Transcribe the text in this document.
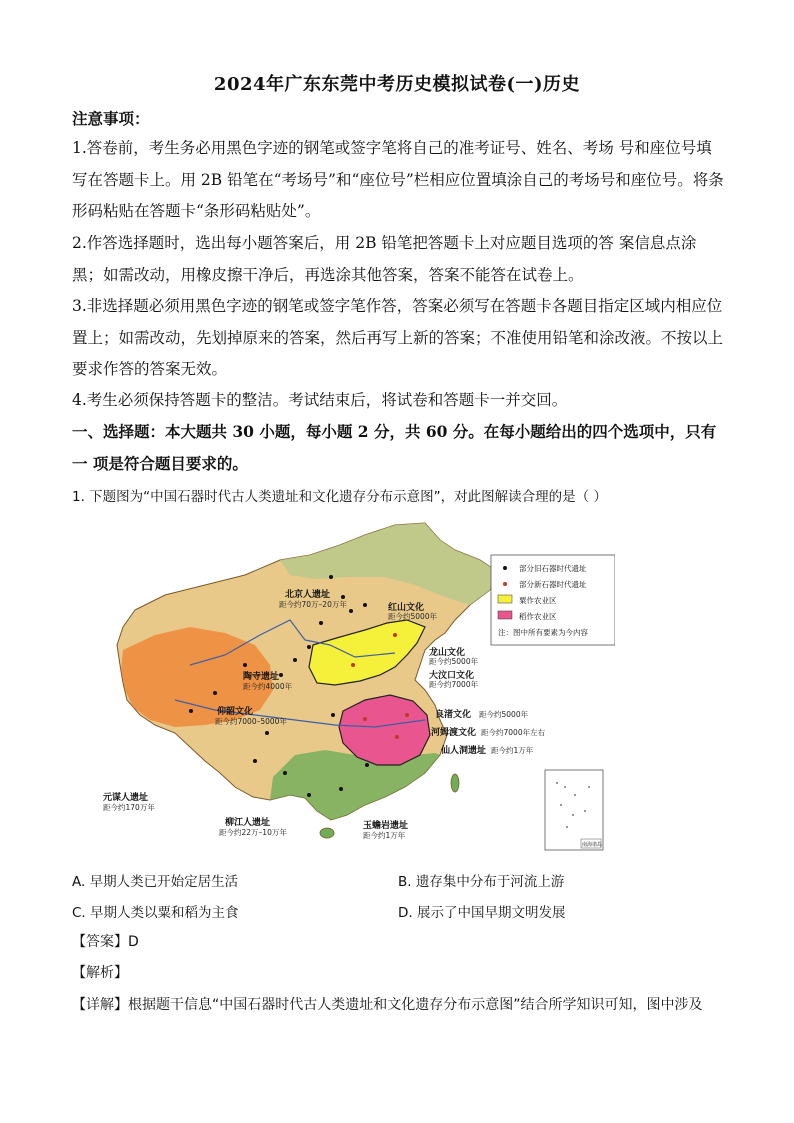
2024年广东东莞中考历史模拟试卷(一)历史
注意事项：
1.答卷前，考生务必用黑色字迹的钢笔或签字笔将自己的准考证号、姓名、考场 号和座位号填写在答题卡上。用 2B 铅笔在“考场号”和“座位号”栏相应位置填涂自己的考场号和座位号。将条形码粘贴在答题卡“条形码粘贴处”。
2.作答选择题时，选出每小题答案后，用 2B 铅笔把答题卡上对应题目选项的答 案信息点涂黑；如需改动，用橡皮擦干净后，再选涂其他答案，答案不能答在试卷上。
3.非选择题必须用黑色字迹的钢笔或签字笔作答，答案必须写在答题卡各题目指定区域内相应位置上；如需改动，先划掉原来的答案，然后再写上新的答案；不准使用铅笔和涂改液。不按以上要求作答的答案无效。
4.考生必须保持答题卡的整洁。考试结束后，将试卷和答题卡一并交回。
一、选择题：本大题共 30 小题，每小题 2 分，共 60 分。在每小题给出的四个选项中，只有一 项是符合题目要求的。
1. 下题图为“中国石器时代古人类遗址和文化遗存分布示意图”，对此图解读合理的是（ ）
北京人遗址
距今约70万–20万年	红山文化
距今约5000年
龙山文化
距今约5000年
大汶口文化
距今约7000年
陶寺遗址
距今约4000年
仰韶文化
距今约7000–5000年
良渚文化 距今约5000年
河姆渡文化 距今约7000年左右
仙人洞遗址 距今约1万年
元谋人遗址
距今约170万年
柳江人遗址
距今约22万–10万年
玉蟾岩遗址
距今约1万年
部分旧石器时代遗址
部分新石器时代遗址
粟作农业区
稻作农业区
注：图中所有要素为今内容
南海诸岛
A. 早期人类已开始定居生活	B. 遗存集中分布于河流上游
C. 早期人类以粟和稻为主食	D. 展示了中国早期文明发展
【答案】D
【解析】
【详解】根据题干信息“中国石器时代古人类遗址和文化遗存分布示意图”结合所学知识可知，图中涉及
